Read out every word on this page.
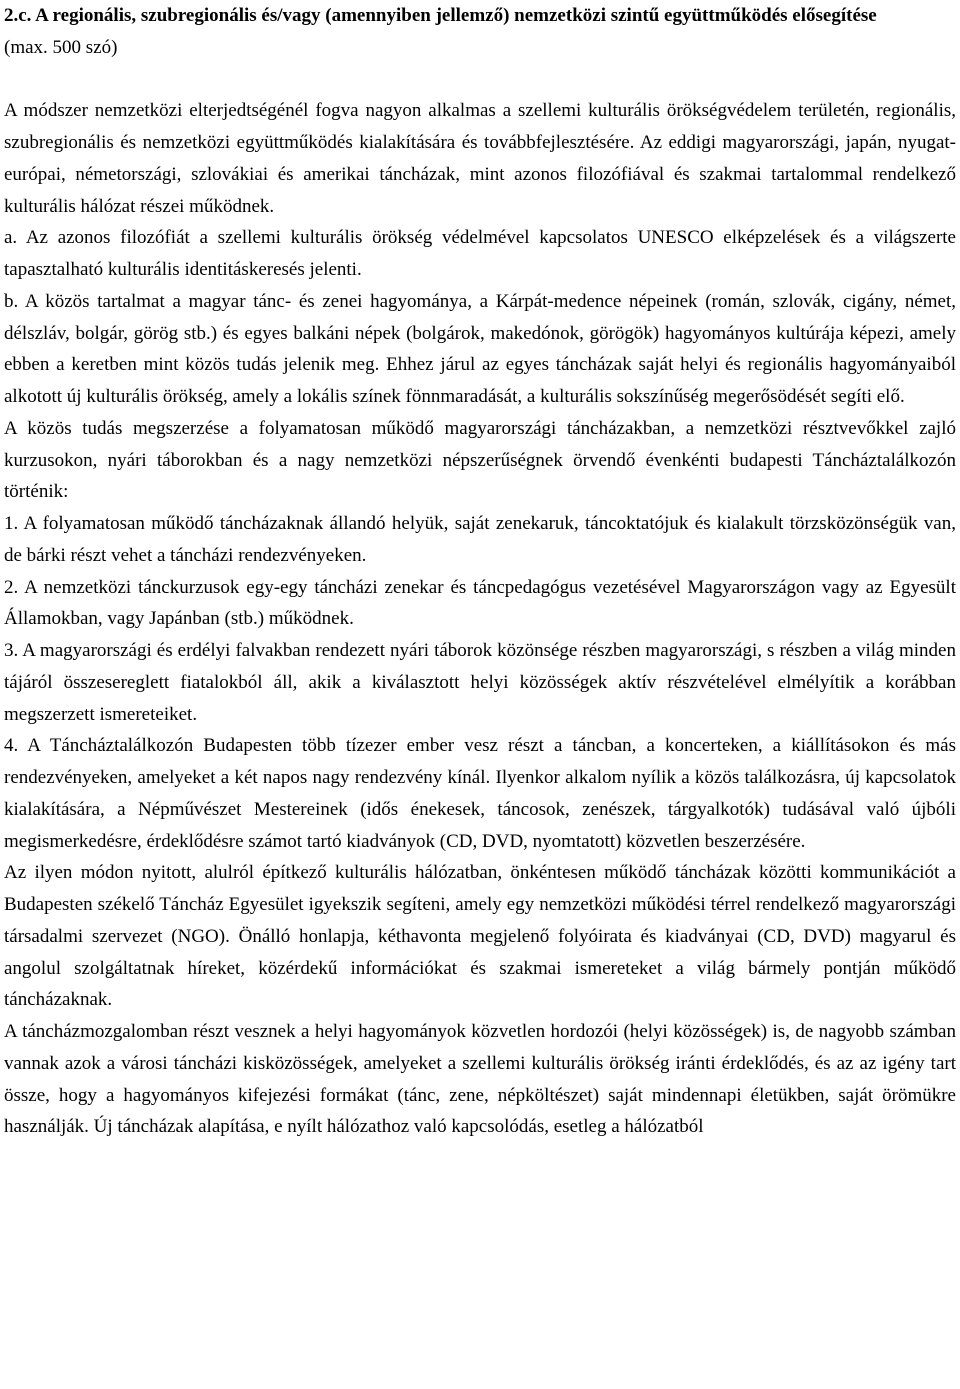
2.c. A regionális, szubregionális és/vagy (amennyiben jellemző) nemzetközi szintű együttműködés elősegítése
(max. 500 szó)

A módszer nemzetközi elterjedtségénél fogva nagyon alkalmas a szellemi kulturális örökségvédelem területén, regionális, szubregionális és nemzetközi együttműködés kialakítására és továbbfejlesztésére. Az eddigi magyarországi, japán, nyugat-európai, németországi, szlovákiai és amerikai táncházak, mint azonos filozófiával és szakmai tartalommal rendelkező kulturális hálózat részei működnek.

a. Az azonos filozófiát a szellemi kulturális örökség védelmével kapcsolatos UNESCO elképzelések és a világszerte tapasztalható kulturális identitáskeresés jelenti.

b. A közös tartalmat a magyar tánc- és zenei hagyománya, a Kárpát-medence népeinek (román, szlovák, cigány, német, délszláv, bolgár, görög stb.) és egyes balkáni népek (bolgárok, makedónok, görögök) hagyományos kultúrája képezi, amely ebben a keretben mint közös tudás jelenik meg. Ehhez járul az egyes táncházak saját helyi és regionális hagyományaiból alkotott új kulturális örökség, amely a lokális színek fönnmaradását, a kulturális sokszínűség megerősödését segíti elő.

A közös tudás megszerzése a folyamatosan működő magyarországi táncházakban, a nemzetközi résztvevőkkel zajló kurzusokon, nyári táborokban és a nagy nemzetközi népszerűségnek örvendő évenkénti budapesti Táncháztalálkozón történik:

1. A folyamatosan működő táncházaknak állandó helyük, saját zenekaruk, táncoktatójuk és kialakult törzsközönségük van, de bárki részt vehet a táncházi rendezvényeken.

2. A nemzetközi tánckurzusok egy-egy táncházi zenekar és táncpedagógus vezetésével Magyarországon vagy az Egyesült Államokban, vagy Japánban (stb.) működnek.

3. A magyarországi és erdélyi falvakban rendezett nyári táborok közönsége részben magyarországi, s részben a világ minden tájáról összesereglett fiatalokból áll, akik a kiválasztott helyi közösségek aktív részvételével elmélyítik a korábban megszerzett ismereteiket.

4. A Táncháztalálkozón Budapesten több tízezer ember vesz részt a táncban, a koncerteken, a kiállításokon és más rendezvényeken, amelyeket a két napos nagy rendezvény kínál. Ilyenkor alkalom nyílik a közös találkozásra, új kapcsolatok kialakítására, a Népművészet Mestereinek (idős énekesek, táncosok, zenészek, tárgyalkotók) tudásával való újbóli megismerkedésre, érdeklődésre számot tartó kiadványok (CD, DVD, nyomtatott) közvetlen beszerzésére.

Az ilyen módon nyitott, alulról építkező kulturális hálózatban, önkéntesen működő táncházak közötti kommunikációt a Budapesten székelő Táncház Egyesület igyekszik segíteni, amely egy nemzetközi működési térrel rendelkező magyarországi társadalmi szervezet (NGO). Önálló honlapja, kéthavonta megjelenő folyóirata és kiadványai (CD, DVD) magyarul és angolul szolgáltatnak híreket, közérdekű információkat és szakmai ismereteket a világ bármely pontján működő táncházaknak.

A táncházmozgalomban részt vesznek a helyi hagyományok közvetlen hordozói (helyi közösségek) is, de nagyobb számban vannak azok a városi táncházi kisközösségek, amelyeket a szellemi kulturális örökség iránti érdeklődés, és az az igény tart össze, hogy a hagyományos kifejezési formákat (tánc, zene, népköltészet) saját mindennapi életükben, saját örömükre használják. Új táncházak alapítása, e nyílt hálózathoz való kapcsolódás, esetleg a hálózatból
